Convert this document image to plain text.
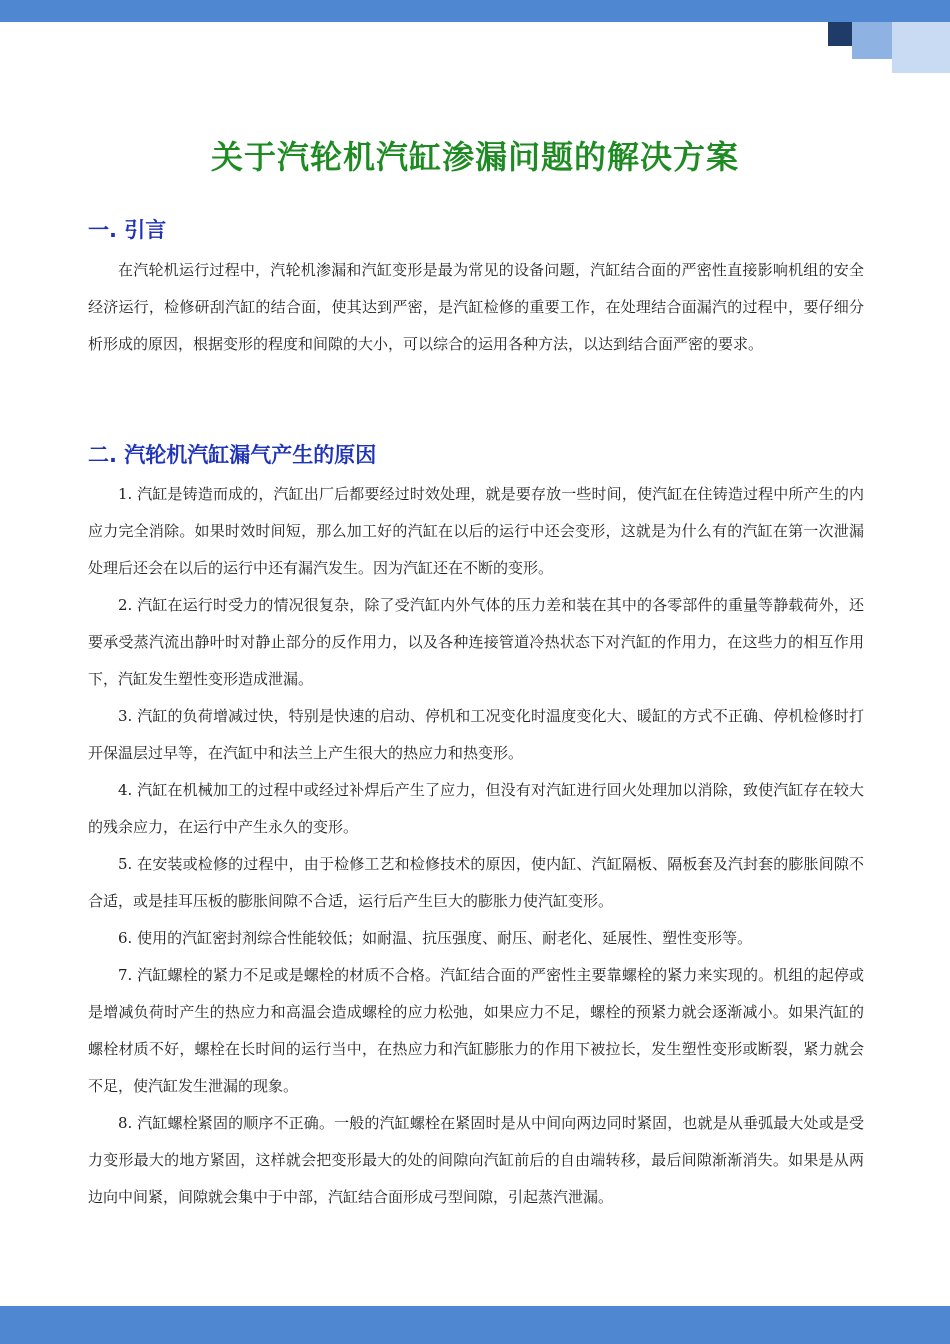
关于汽轮机汽缸渗漏问题的解决方案
一. 引言

在汽轮机运行过程中，汽轮机渗漏和汽缸变形是最为常见的设备问题，汽缸结合面的严密性直接影响机组的安全经济运行，检修研刮汽缸的结合面，使其达到严密，是汽缸检修的重要工作，在处理结合面漏汽的过程中，要仔细分析形成的原因，根据变形的程度和间隙的大小，可以综合的运用各种方法，以达到结合面严密的要求。

二. 汽轮机汽缸漏气产生的原因

1. 汽缸是铸造而成的，汽缸出厂后都要经过时效处理，就是要存放一些时间，使汽缸在住铸造过程中所产生的内应力完全消除。如果时效时间短，那么加工好的汽缸在以后的运行中还会变形，这就是为什么有的汽缸在第一次泄漏处理后还会在以后的运行中还有漏汽发生。因为汽缸还在不断的变形。

2. 汽缸在运行时受力的情况很复杂，除了受汽缸内外气体的压力差和装在其中的各零部件的重量等静载荷外，还要承受蒸汽流出静叶时对静止部分的反作用力，以及各种连接管道冷热状态下对汽缸的作用力，在这些力的相互作用下，汽缸发生塑性变形造成泄漏。

3. 汽缸的负荷增减过快，特别是快速的启动、停机和工况变化时温度变化大、暖缸的方式不正确、停机检修时打开保温层过早等，在汽缸中和法兰上产生很大的热应力和热变形。

4. 汽缸在机械加工的过程中或经过补焊后产生了应力，但没有对汽缸进行回火处理加以消除，致使汽缸存在较大的残余应力，在运行中产生永久的变形。

5. 在安装或检修的过程中，由于检修工艺和检修技术的原因，使内缸、汽缸隔板、隔板套及汽封套的膨胀间隙不合适，或是挂耳压板的膨胀间隙不合适，运行后产生巨大的膨胀力使汽缸变形。

6. 使用的汽缸密封剂综合性能较低；如耐温、抗压强度、耐压、耐老化、延展性、塑性变形等。

7. 汽缸螺栓的紧力不足或是螺栓的材质不合格。汽缸结合面的严密性主要靠螺栓的紧力来实现的。机组的起停或是增减负荷时产生的热应力和高温会造成螺栓的应力松弛，如果应力不足，螺栓的预紧力就会逐渐减小。如果汽缸的螺栓材质不好，螺栓在长时间的运行当中，在热应力和汽缸膨胀力的作用下被拉长，发生塑性变形或断裂，紧力就会不足，使汽缸发生泄漏的现象。

8. 汽缸螺栓紧固的顺序不正确。一般的汽缸螺栓在紧固时是从中间向两边同时紧固，也就是从垂弧最大处或是受力变形最大的地方紧固，这样就会把变形最大的处的间隙向汽缸前后的自由端转移，最后间隙渐渐消失。如果是从两边向中间紧，间隙就会集中于中部，汽缸结合面形成弓型间隙，引起蒸汽泄漏。
